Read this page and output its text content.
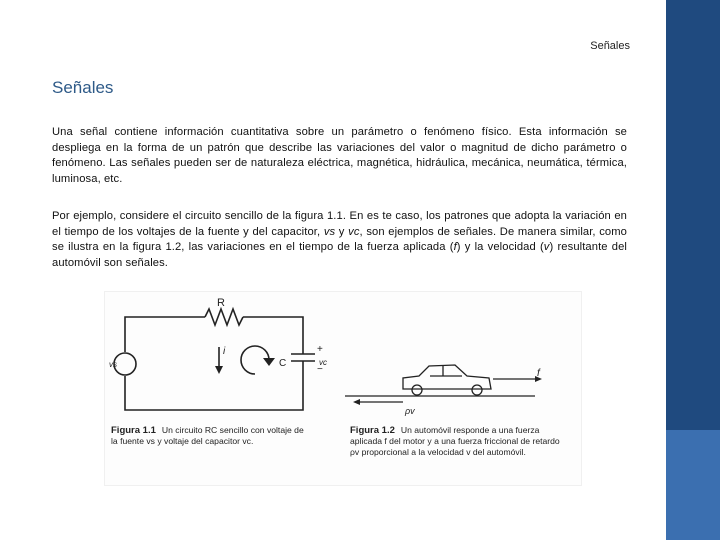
Señales
Señales
Una señal contiene información cuantitativa sobre un parámetro o fenómeno físico. Esta información se despliega en la forma de un patrón que describe las variaciones del valor o magnitud de dicho parámetro o fenómeno. Las señales pueden ser de naturaleza eléctrica, magnética, hidráulica, mecánica, neumática, térmica, luminosa, etc.
Por ejemplo, considere el circuito sencillo de la figura 1.1. En es te caso, los patrones que adopta la variación en el tiempo de los voltajes de la fuente y del capacitor, vs y vc, son ejemplos de señales. De manera similar, como se ilustra en la figura 1.2, las variaciones en el tiempo de la fuerza aplicada (f) y la velocidad (v) resultante del automóvil son señales.
R
i
C
+
−
vc
vs
f
ρv
Figura 1.1 Un circuito RC sencillo con voltaje de la fuente vs y voltaje del capacitor vc.
Figura 1.2 Un automóvil responde a una fuerza aplicada f del motor y a una fuerza friccional de retardo ρv proporcional a la velocidad v del automóvil.
